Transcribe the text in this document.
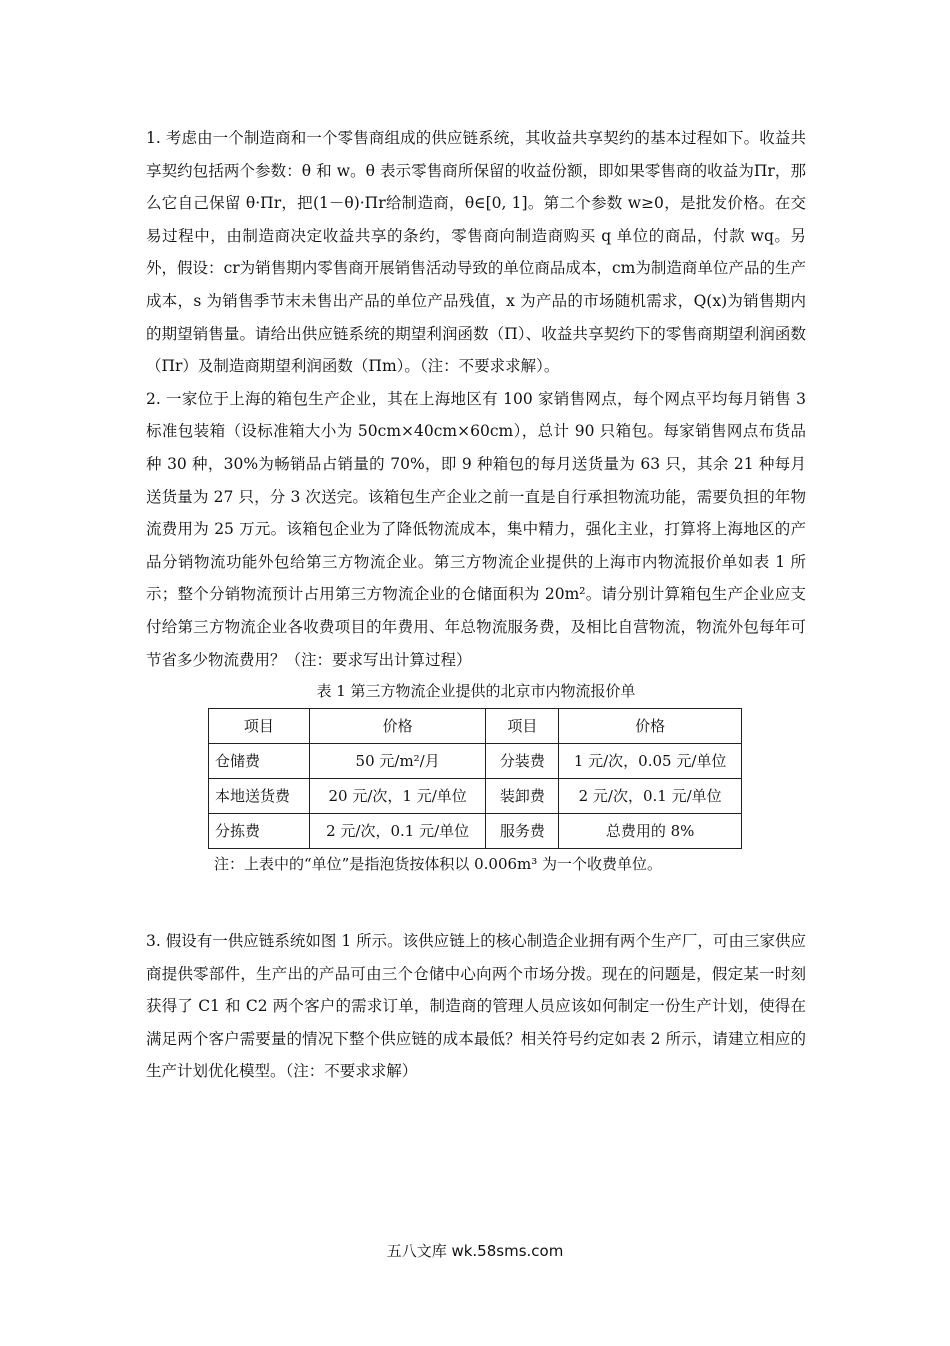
1. 考虑由一个制造商和一个零售商组成的供应链系统，其收益共享契约的基本过程如下。收益共享契约包括两个参数：θ 和 w。θ 表示零售商所保留的收益份额，即如果零售商的收益为Πr，那么它自己保留 θ·Πr，把(1－θ)·Πr给制造商，θ∈[0, 1]。第二个参数 w≥0，是批发价格。在交易过程中，由制造商决定收益共享的条约，零售商向制造商购买 q 单位的商品，付款 wq。另外，假设：cr为销售期内零售商开展销售活动导致的单位商品成本，cm为制造商单位产品的生产成本，s 为销售季节末未售出产品的单位产品残值，x 为产品的市场随机需求，Q(x)为销售期内的期望销售量。请给出供应链系统的期望利润函数（Π）、收益共享契约下的零售商期望利润函数（Πr）及制造商期望利润函数（Πm）。（注：不要求求解）。

2. 一家位于上海的箱包生产企业，其在上海地区有 100 家销售网点，每个网点平均每月销售 3 标准包装箱（设标准箱大小为 50cm×40cm×60cm），总计 90 只箱包。每家销售网点布货品种 30 种，30%为畅销品占销量的 70%，即 9 种箱包的每月送货量为 63 只，其余 21 种每月送货量为 27 只，分 3 次送完。该箱包生产企业之前一直是自行承担物流功能，需要负担的年物流费用为 25 万元。该箱包企业为了降低物流成本，集中精力，强化主业，打算将上海地区的产品分销物流功能外包给第三方物流企业。第三方物流企业提供的上海市内物流报价单如表 1 所示；整个分销物流预计占用第三方物流企业的仓储面积为 20m²。请分别计算箱包生产企业应支付给第三方物流企业各收费项目的年费用、年总物流服务费，及相比自营物流，物流外包每年可节省多少物流费用？（注：要求写出计算过程）

表 1 第三方物流企业提供的北京市内物流报价单

项目	价格	项目	价格
仓储费	50 元/m²/月	分装费	1 元/次，0.05 元/单位
本地送货费	20 元/次，1 元/单位	装卸费	2 元/次，0.1 元/单位
分拣费	2 元/次，0.1 元/单位	服务费	总费用的 8%

注：上表中的“单位”是指泡货按体积以 0.006m³ 为一个收费单位。

3. 假设有一供应链系统如图 1 所示。该供应链上的核心制造企业拥有两个生产厂，可由三家供应商提供零部件，生产出的产品可由三个仓储中心向两个市场分拨。现在的问题是，假定某一时刻获得了 C1 和 C2 两个客户的需求订单，制造商的管理人员应该如何制定一份生产计划，使得在满足两个客户需要量的情况下整个供应链的成本最低？相关符号约定如表 2 所示，请建立相应的生产计划优化模型。（注：不要求求解）

五八文库 wk.58sms.com
